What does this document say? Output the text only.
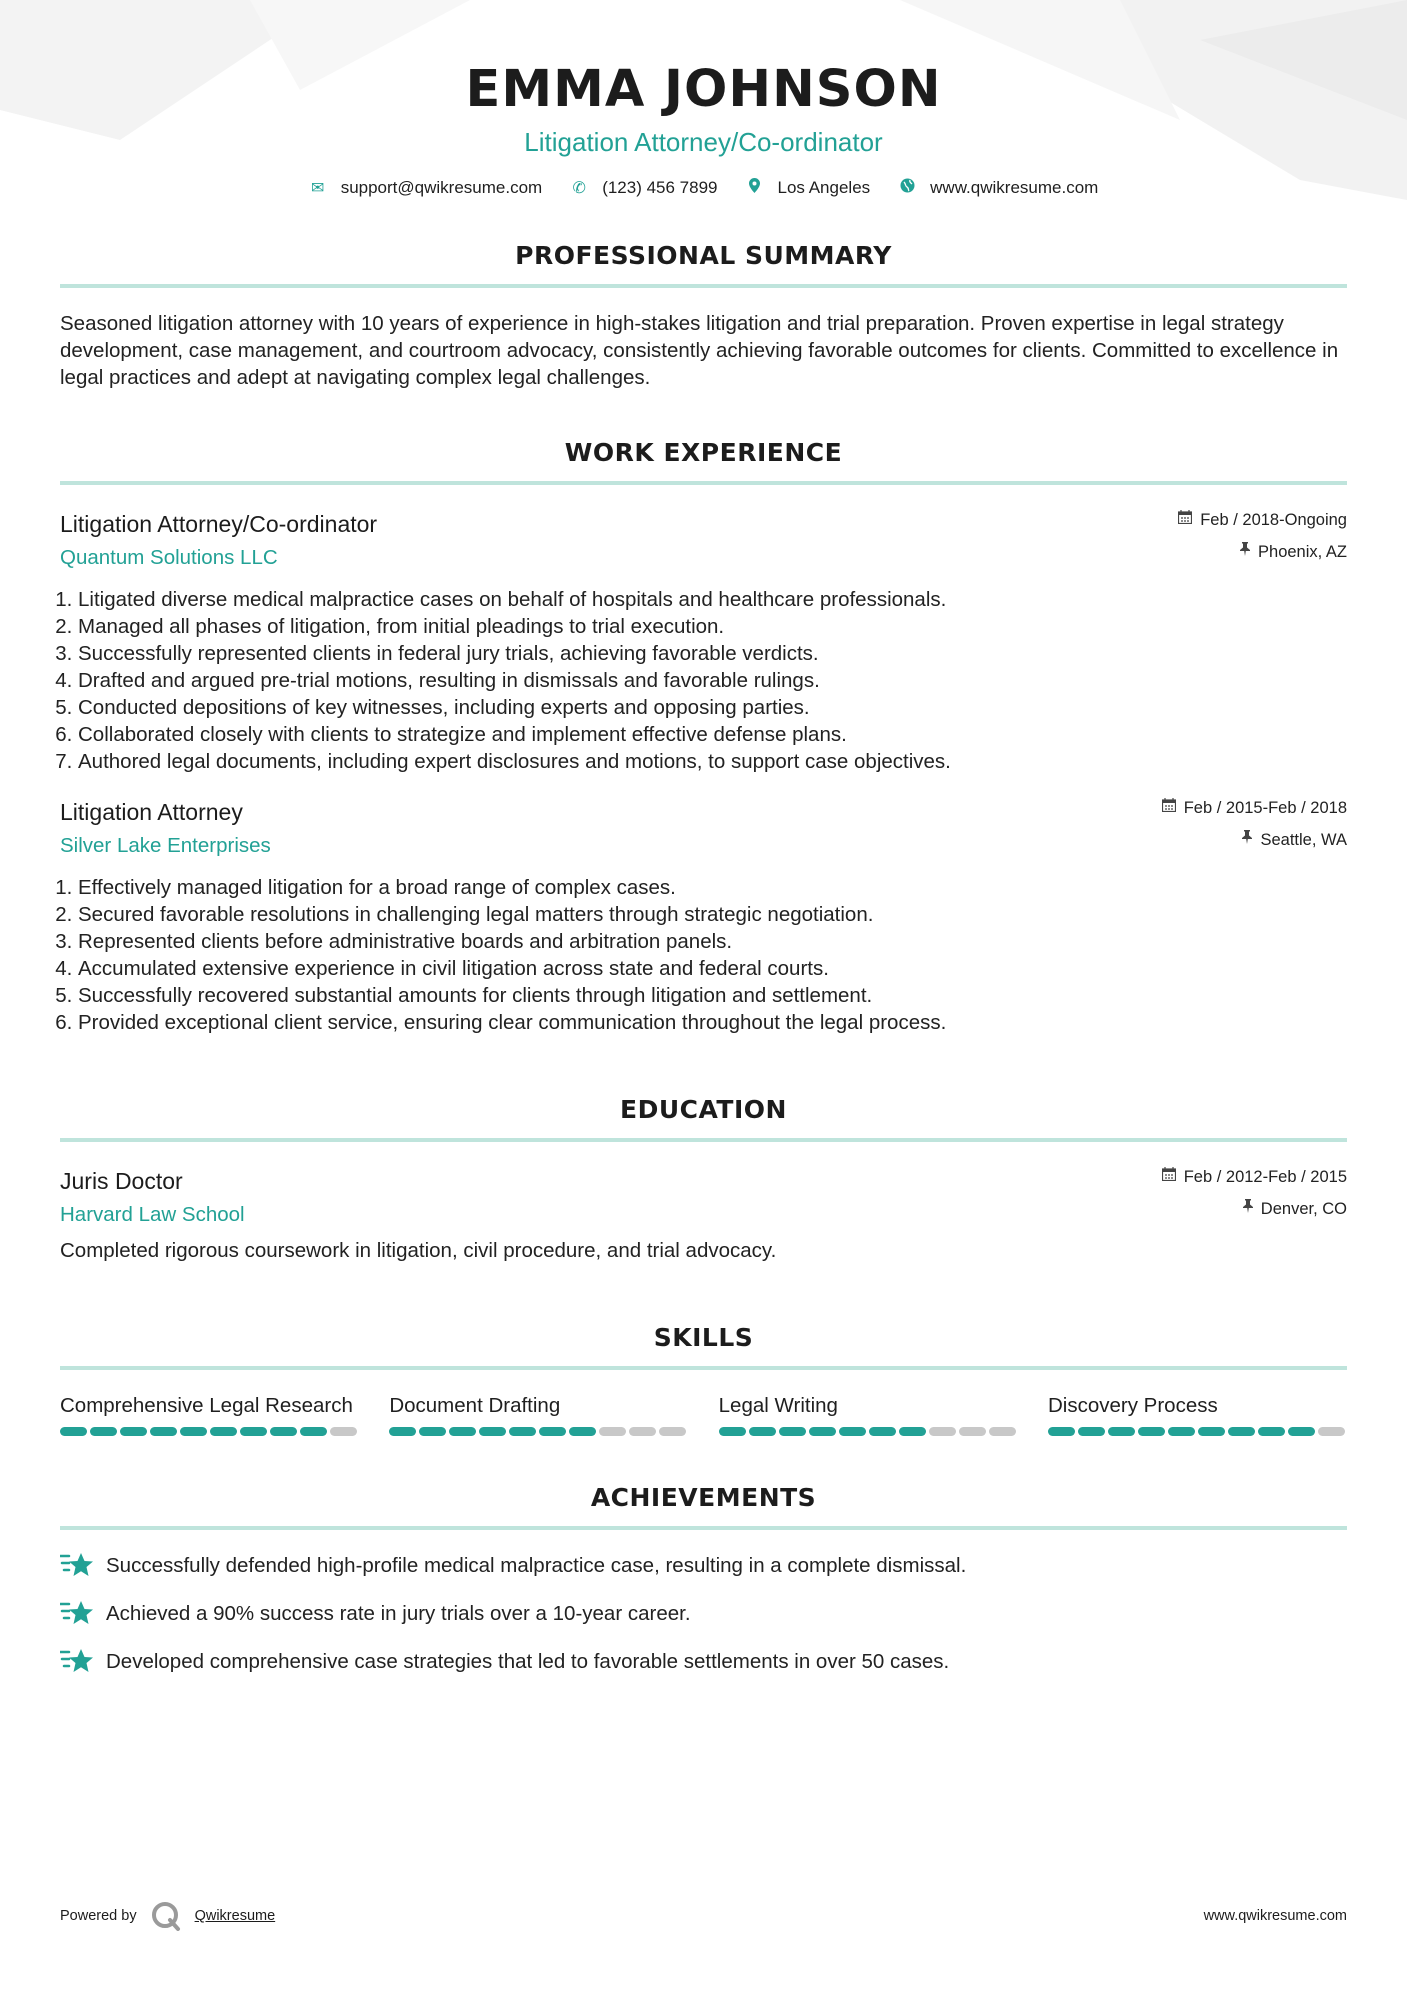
EMMA JOHNSON
Litigation Attorney/Co-ordinator
✉ support@qwikresume.com ✆ (123) 456 7899	Los Angeles	www.qwikresume.com
PROFESSIONAL SUMMARY

Seasoned litigation attorney with 10 years of experience in high-stakes litigation and trial preparation. Proven expertise in legal strategy development, case management, and courtroom advocacy, consistently achieving favorable outcomes for clients. Committed to excellence in legal practices and adept at navigating complex legal challenges.

WORK EXPERIENCE
Litigation Attorney/Co-ordinator
Quantum Solutions LLC
Feb / 2018-Ongoing
Phoenix, AZ
1. Litigated diverse medical malpractice cases on behalf of hospitals and healthcare professionals.
2. Managed all phases of litigation, from initial pleadings to trial execution.
3. Successfully represented clients in federal jury trials, achieving favorable verdicts.
4. Drafted and argued pre-trial motions, resulting in dismissals and favorable rulings.
5. Conducted depositions of key witnesses, including experts and opposing parties.
6. Collaborated closely with clients to strategize and implement effective defense plans.
7. Authored legal documents, including expert disclosures and motions, to support case objectives.
Litigation Attorney
Silver Lake Enterprises
Feb / 2015-Feb / 2018
Seattle, WA
1. Effectively managed litigation for a broad range of complex cases.
2. Secured favorable resolutions in challenging legal matters through strategic negotiation.
3. Represented clients before administrative boards and arbitration panels.
4. Accumulated extensive experience in civil litigation across state and federal courts.
5. Successfully recovered substantial amounts for clients through litigation and settlement.
6. Provided exceptional client service, ensuring clear communication throughout the legal process.
EDUCATION
Juris Doctor
Harvard Law School
Feb / 2012-Feb / 2015
Denver, CO

Completed rigorous coursework in litigation, civil procedure, and trial advocacy.

SKILLS
Comprehensive Legal Research Document Drafting	Legal Writing	Discovery Process
ACHIEVEMENTS
Successfully defended high-profile medical malpractice case, resulting in a complete dismissal.
Achieved a 90% success rate in jury trials over a 10-year career.
Developed comprehensive case strategies that led to favorable settlements in over 50 cases.
Powered by	Qwikresume	www.qwikresume.com
